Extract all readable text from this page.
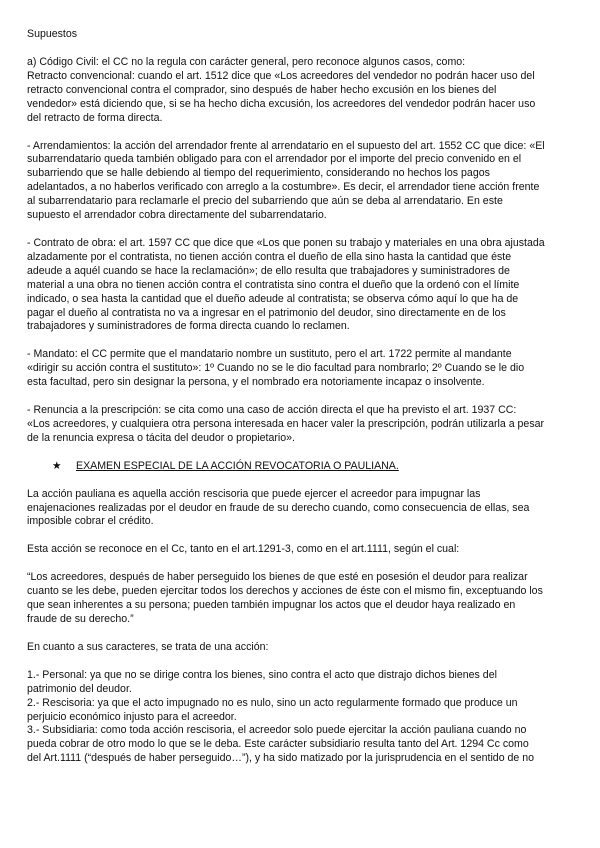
Supuestos

a) Código Civil: el CC no la regula con carácter general, pero reconoce algunos casos, como:
Retracto convencional: cuando el art. 1512 dice que «Los acreedores del vendedor no podrán hacer uso del
retracto convencional contra el comprador, sino después de haber hecho excusión en los bienes del
vendedor» está diciendo que, si se ha hecho dicha excusión, los acreedores del vendedor podrán hacer uso
del retracto de forma directa.

- Arrendamientos: la acción del arrendador frente al arrendatario en el supuesto del art. 1552 CC que dice: «El
subarrendatario queda también obligado para con el arrendador por el importe del precio convenido en el
subarriendo que se halle debiendo al tiempo del requerimiento, considerando no hechos los pagos
adelantados, a no haberlos verificado con arreglo a la costumbre». Es decir, el arrendador tiene acción frente
al subarrendatario para reclamarle el precio del subarriendo que aún se deba al arrendatario. En este
supuesto el arrendador cobra directamente del subarrendatario.

- Contrato de obra: el art. 1597 CC que dice que «Los que ponen su trabajo y materiales en una obra ajustada
alzadamente por el contratista, no tienen acción contra el dueño de ella sino hasta la cantidad que éste
adeude a aquél cuando se hace la reclamación»; de ello resulta que trabajadores y suministradores de
material a una obra no tienen acción contra el contratista sino contra el dueño que la ordenó con el límite
indicado, o sea hasta la cantidad que el dueño adeude al contratista; se observa cómo aquí lo que ha de
pagar el dueño al contratista no va a ingresar en el patrimonio del deudor, sino directamente en de los
trabajadores y suministradores de forma directa cuando lo reclamen.

- Mandato: el CC permite que el mandatario nombre un sustituto, pero el art. 1722 permite al mandante
«dirigir su acción contra el sustituto»: 1º Cuando no se le dio facultad para nombrarlo; 2º Cuando se le dio
esta facultad, pero sin designar la persona, y el nombrado era notoriamente incapaz o insolvente.

- Renuncia a la prescripción: se cita como una caso de acción directa el que ha previsto el art. 1937 CC:
«Los acreedores, y cualquiera otra persona interesada en hacer valer la prescripción, podrán utilizarla a pesar
de la renuncia expresa o tácita del deudor o propietario».

★ EXAMEN ESPECIAL DE LA ACCIÓN REVOCATORIA O PAULIANA.

La acción pauliana es aquella acción rescisoria que puede ejercer el acreedor para impugnar las
enajenaciones realizadas por el deudor en fraude de su derecho cuando, como consecuencia de ellas, sea
imposible cobrar el crédito.

Esta acción se reconoce en el Cc, tanto en el art.1291-3, como en el art.1111, según el cual:

“Los acreedores, después de haber perseguido los bienes de que esté en posesión el deudor para realizar
cuanto se les debe, pueden ejercitar todos los derechos y acciones de éste con el mismo fin, exceptuando los
que sean inherentes a su persona; pueden también impugnar los actos que el deudor haya realizado en
fraude de su derecho.”

En cuanto a sus caracteres, se trata de una acción:

1.- Personal: ya que no se dirige contra los bienes, sino contra el acto que distrajo dichos bienes del
patrimonio del deudor.
2.- Rescisoria: ya que el acto impugnado no es nulo, sino un acto regularmente formado que produce un
perjuicio económico injusto para el acreedor.
3.- Subsidiaria: como toda acción rescisoria, el acreedor solo puede ejercitar la acción pauliana cuando no
pueda cobrar de otro modo lo que se le deba. Este carácter subsidiario resulta tanto del Art. 1294 Cc como
del Art.1111 (“después de haber perseguido…”), y ha sido matizado por la jurisprudencia en el sentido de no
